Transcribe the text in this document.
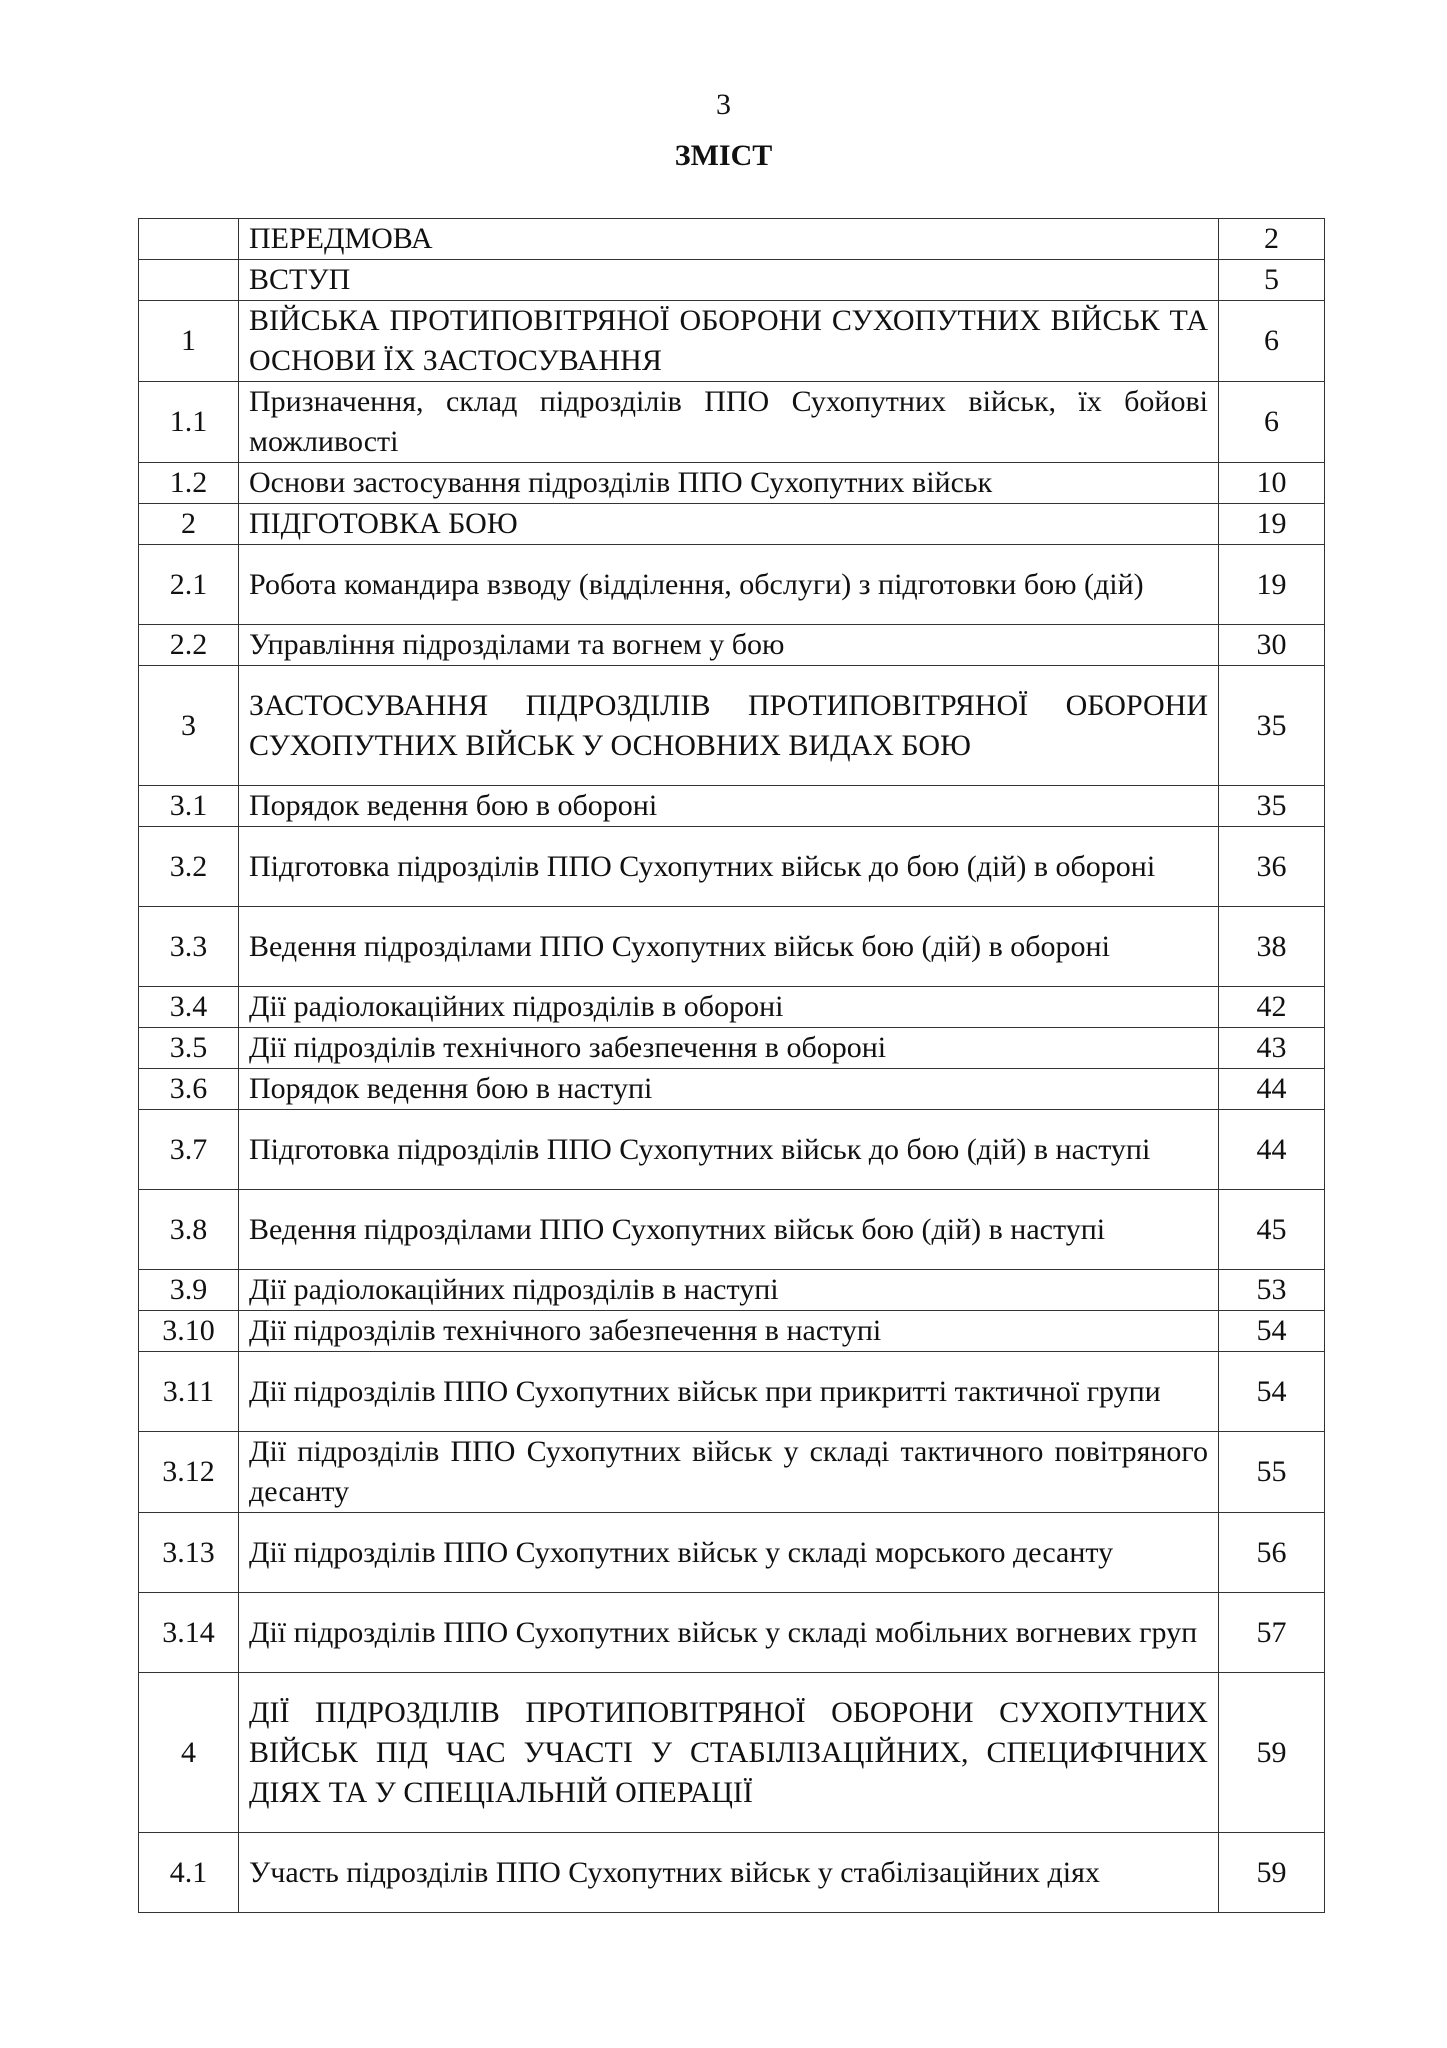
3
ЗМІСТ
	ПЕРЕДМОВА	2
	ВСТУП	5
1	ВІЙСЬКА ПРОТИПОВІТРЯНОЇ ОБОРОНИ СУХОПУТНИХ ВІЙСЬК ТА ОСНОВИ ЇХ ЗАСТОСУВАННЯ	6
1.1	Призначення, склад підрозділів ППО Сухопутних військ, їх бойові можливості	6
1.2	Основи застосування підрозділів ППО Сухопутних військ	10
2	ПІДГОТОВКА БОЮ	19
2.1	Робота командира взводу (відділення, обслуги) з підготовки бою (дій)	19
2.2	Управління підрозділами та вогнем у бою	30
3	ЗАСТОСУВАННЯ ПІДРОЗДІЛІВ ПРОТИПОВІТРЯНОЇ ОБОРОНИ СУХОПУТНИХ ВІЙСЬК У ОСНОВНИХ ВИДАХ БОЮ	35
3.1	Порядок ведення бою в обороні	35
3.2	Підготовка підрозділів ППО Сухопутних військ до бою (дій) в обороні	36
3.3	Ведення підрозділами ППО Сухопутних військ бою (дій) в обороні	38
3.4	Дії радіолокаційних підрозділів в обороні	42
3.5	Дії підрозділів технічного забезпечення в обороні	43
3.6	Порядок ведення бою в наступі	44
3.7	Підготовка підрозділів ППО Сухопутних військ до бою (дій) в наступі	44
3.8	Ведення підрозділами ППО Сухопутних військ бою (дій) в наступі	45
3.9	Дії радіолокаційних підрозділів в наступі	53
3.10	Дії підрозділів технічного забезпечення в наступі	54
3.11	Дії підрозділів ППО Сухопутних військ при прикритті тактичної групи	54
3.12	Дії підрозділів ППО Сухопутних військ у складі тактичного повітряного десанту	55
3.13	Дії підрозділів ППО Сухопутних військ у складі морського десанту	56
3.14	Дії підрозділів ППО Сухопутних військ у складі мобільних вогневих груп	57
4	ДІЇ ПІДРОЗДІЛІВ ПРОТИПОВІТРЯНОЇ ОБОРОНИ СУХОПУТНИХ ВІЙСЬК ПІД ЧАС УЧАСТІ У СТАБІЛІЗАЦІЙНИХ, СПЕЦИФІЧНИХ ДІЯХ ТА У СПЕЦІАЛЬНІЙ ОПЕРАЦІЇ	59
4.1	Участь підрозділів ППО Сухопутних військ у стабілізаційних діях	59
